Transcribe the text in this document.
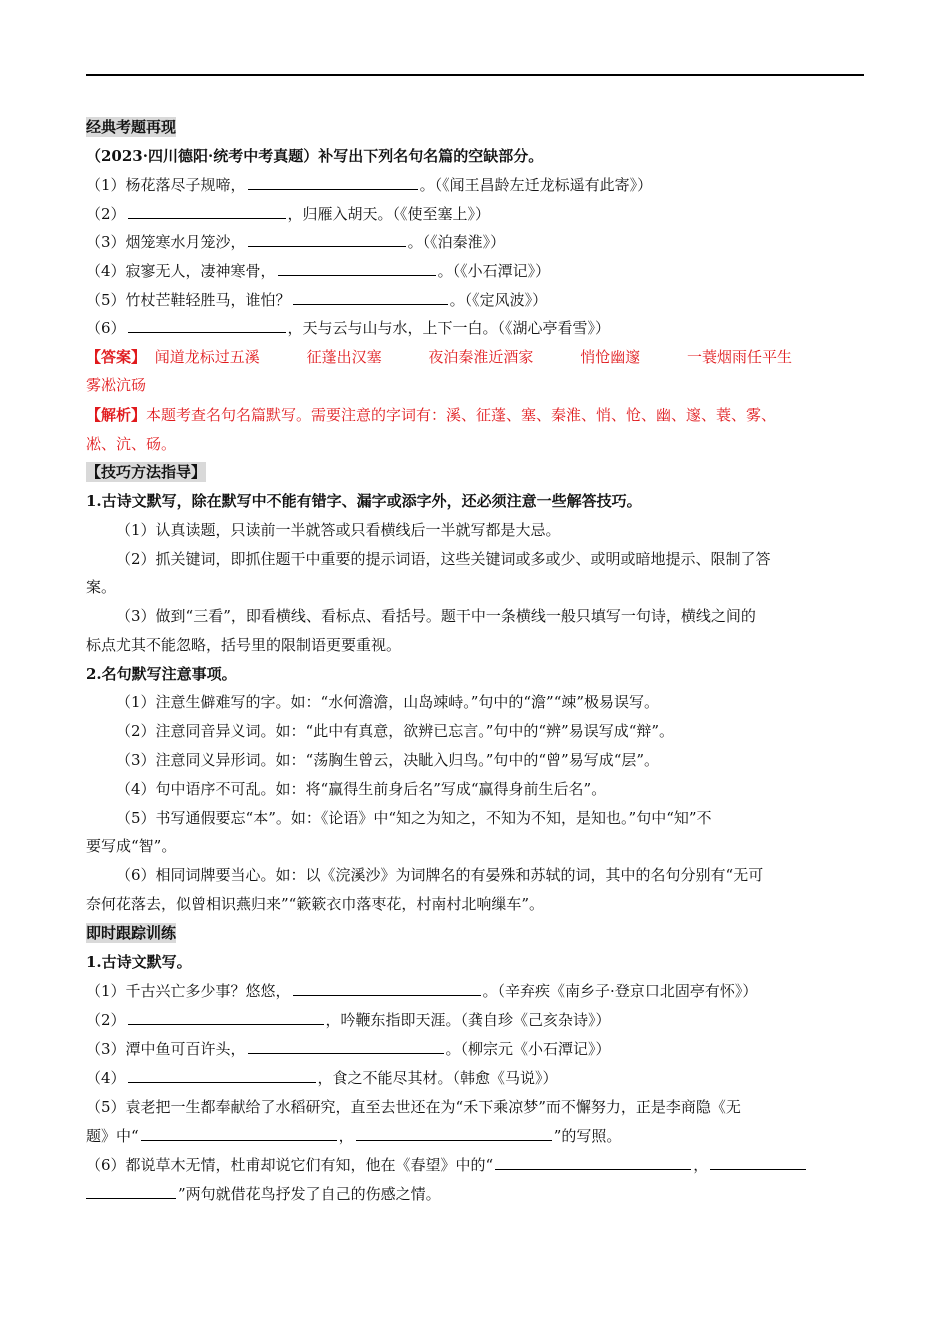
经典考题再现
（2023·四川德阳·统考中考真题）补写出下列名句名篇的空缺部分。
（1）杨花落尽子规啼，	。（《闻王昌龄左迁龙标遥有此寄》）
（2）	，归雁入胡天。（《使至塞上》）
（3）烟笼寒水月笼沙，	。（《泊秦淮》）
（4）寂寥无人，凄神寒骨，	。（《小石潭记》）
（5）竹杖芒鞋轻胜马，谁怕？	。（《定风波》）
（6）	，天与云与山与水，上下一白。（《湖心亭看雪》）
【答案】 闻道龙标过五溪	征蓬出汉塞	夜泊秦淮近酒家	悄怆幽邃	一蓑烟雨任平生
雾凇沆砀
【解析】本题考查名句名篇默写。需要注意的字词有：溪、征蓬、塞、秦淮、悄、怆、幽、邃、蓑、雾、
凇、沆、砀。
【技巧方法指导】
1.古诗文默写，除在默写中不能有错字、漏字或添字外，还必须注意一些解答技巧。
（1）认真读题，只读前一半就答或只看横线后一半就写都是大忌。
（2）抓关键词，即抓住题干中重要的提示词语，这些关键词或多或少、或明或暗地提示、限制了答
案。
（3）做到“三看”，即看横线、看标点、看括号。题干中一条横线一般只填写一句诗，横线之间的
标点尤其不能忽略，括号里的限制语更要重视。
2.名句默写注意事项。
（1）注意生僻难写的字。如：“水何澹澹，山岛竦峙。”句中的“澹”“竦”极易误写。
（2）注意同音异义词。如：“此中有真意，欲辨已忘言。”句中的“辨”易误写成“辩”。
（3）注意同义异形词。如：“荡胸生曾云，决眦入归鸟。”句中的“曾”易写成“层”。
（4）句中语序不可乱。如：将“赢得生前身后名”写成“赢得身前生后名”。
（5）书写通假要忘“本”。如：《论语》中“知之为知之，不知为不知，是知也。”句中“知”不
要写成“智”。
（6）相同词牌要当心。如：以《浣溪沙》为词牌名的有晏殊和苏轼的词，其中的名句分别有“无可
奈何花落去，似曾相识燕归来”“簌簌衣巾落枣花，村南村北响缫车”。
即时跟踪训练
1.古诗文默写。
（1）千古兴亡多少事？悠悠，	。（辛弃疾《南乡子·登京口北固亭有怀》）
（2）	，吟鞭东指即天涯。（龚自珍《己亥杂诗》）
（3）潭中鱼可百许头，	。（柳宗元《小石潭记》）
（4）	，食之不能尽其材。（韩愈《马说》）
（5）袁老把一生都奉献给了水稻研究，直至去世还在为“禾下乘凉梦”而不懈努力，正是李商隐《无
题》中“	，	”的写照。
（6）都说草木无情，杜甫却说它们有知，他在《春望》中的“	，
”两句就借花鸟抒发了自己的伤感之情。
